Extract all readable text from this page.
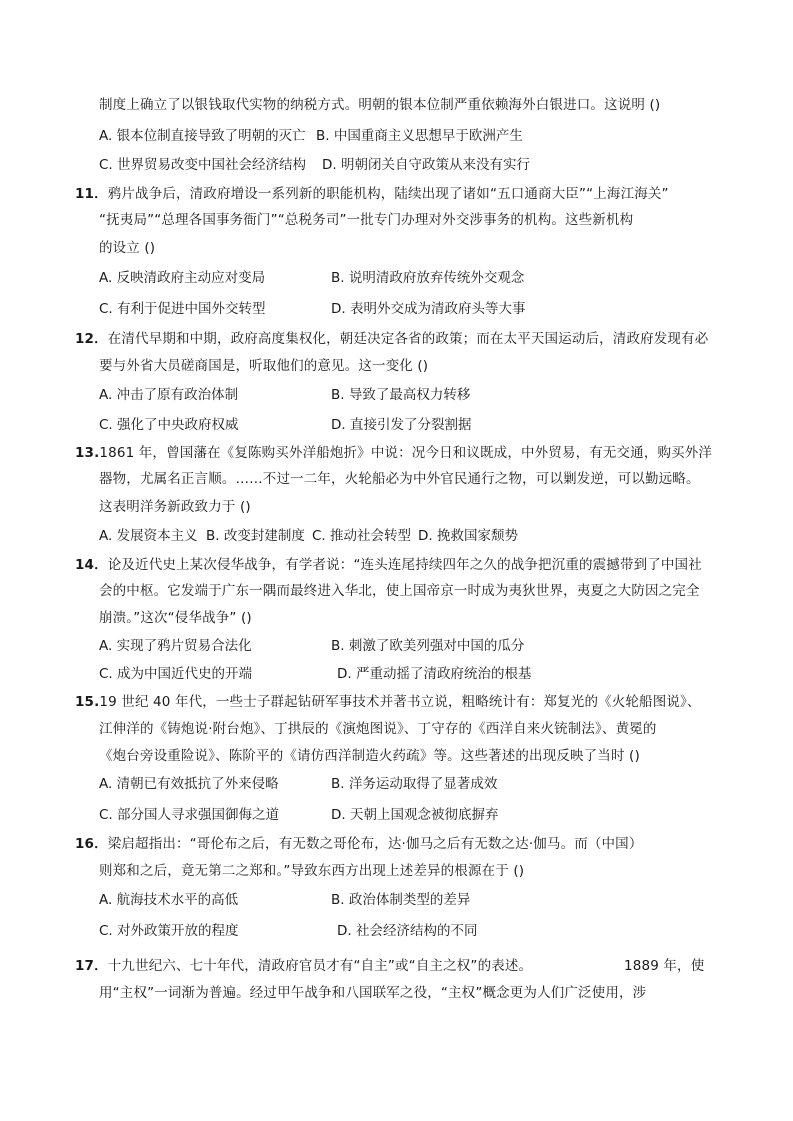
制度上确立了以银钱取代实物的纳税方式。明朝的银本位制严重依赖海外白银进口。这说明 ()
A. 银本位制直接导致了明朝的灭亡 B. 中国重商主义思想早于欧洲产生
C. 世界贸易改变中国社会经济结构 D. 明朝闭关自守政策从来没有实行
11．鸦片战争后，清政府增设一系列新的职能机构，陆续出现了诸如“五口通商大臣”“上海江海关”
“抚夷局”“总理各国事务衙门”“总税务司”一批专门办理对外交涉事务的机构。这些新机构
的设立 ()
A. 反映清政府主动应对变局	B. 说明清政府放弃传统外交观念
C. 有利于促进中国外交转型	D. 表明外交成为清政府头等大事
12．在清代早期和中期，政府高度集权化，朝廷决定各省的政策；而在太平天国运动后，清政府发现有必
要与外省大员磋商国是，听取他们的意见。这一变化 ()
A. 冲击了原有政治体制	B. 导致了最高权力转移
C. 强化了中央政府权威	D. 直接引发了分裂割据
13.1861 年，曾国藩在《复陈购买外洋船炮折》中说：况今日和议既成，中外贸易，有无交通，购买外洋
器物，尤属名正言顺。……不过一二年，火轮船必为中外官民通行之物，可以剿发逆，可以勤远略。
这表明洋务新政致力于 ()
A. 发展资本主义 B. 改变封建制度 C. 推动社会转型 D. 挽救国家颓势
14．论及近代史上某次侵华战争，有学者说：“连头连尾持续四年之久的战争把沉重的震撼带到了中国社
会的中枢。它发端于广东一隅而最终进入华北，使上国帝京一时成为夷狄世界，夷夏之大防因之完全
崩溃。”这次“侵华战争” ()
A. 实现了鸦片贸易合法化	B. 刺激了欧美列强对中国的瓜分
C. 成为中国近代史的开端	D. 严重动摇了清政府统治的根基
15.19 世纪 40 年代，一些士子群起钻研军事技术并著书立说，粗略统计有：郑复光的《火轮船图说》、
江伸洋的《铸炮说·附台炮》、丁拱辰的《演炮图说》、丁守存的《西洋自来火铳制法》、黄冕的
《炮台旁设重险说》、陈阶平的《请仿西洋制造火药疏》等。这些著述的出现反映了当时 ()
A. 清朝已有效抵抗了外来侵略	B. 洋务运动取得了显著成效
C. 部分国人寻求强国御侮之道	D. 天朝上国观念被彻底摒弃
16．梁启超指出：“哥伦布之后，有无数之哥伦布，达·伽马之后有无数之达·伽马。而（中国）
则郑和之后，竟无第二之郑和。”导致东西方出现上述差异的根源在于 ()
A. 航海技术水平的高低	B. 政治体制类型的差异
C. 对外政策开放的程度	D. 社会经济结构的不同
17．十九世纪六、七十年代，清政府官员才有“自主”或“自主之权”的表述。	1889 年，使
用“主权”一词渐为普遍。经过甲午战争和八国联军之役，“主权”概念更为人们广泛使用，涉
